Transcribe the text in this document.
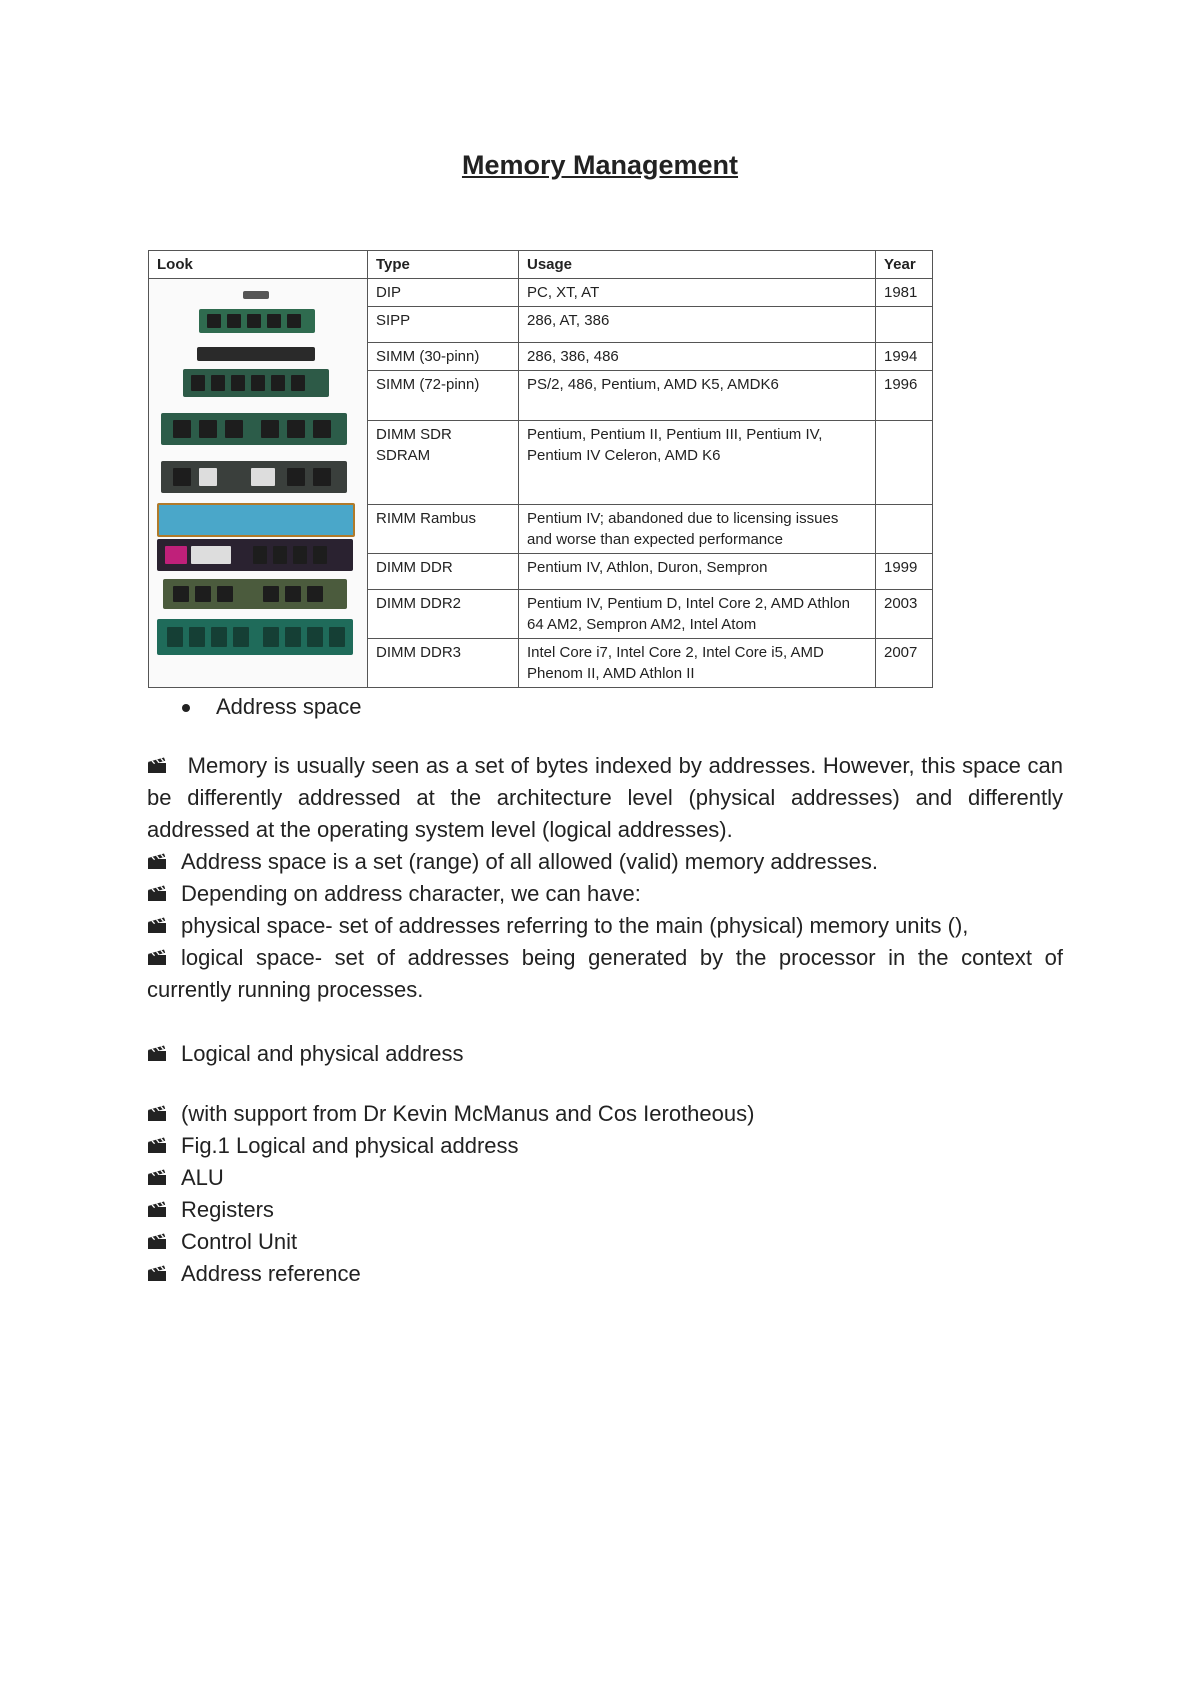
Memory Management
Look	Type	Usage	Year

	DIP	PC, XT, AT	1981
	SIPP	286, AT, 386	
	SIMM (30-pinn)	286, 386, 486	1994
	SIMM (72-pinn)	PS/2, 486, Pentium, AMD K5, AMDK6	1996
	DIMM SDR SDRAM	Pentium, Pentium II, Pentium III, Pentium IV, Pentium IV Celeron, AMD K6	
	RIMM Rambus	Pentium IV; abandoned due to licensing issues and worse than expected performance	
	DIMM DDR	Pentium IV, Athlon, Duron, Sempron	1999
	DIMM DDR2	Pentium IV, Pentium D, Intel Core 2, AMD Athlon 64 AM2, Sempron AM2, Intel Atom	2003
	DIMM DDR3	Intel Core i7, Intel Core 2, Intel Core i5, AMD Phenom II, AMD Athlon II	2007
Address space

Memory is usually seen as a set of bytes indexed by addresses. However, this space can be differently addressed at the architecture level (physical addresses) and differently addressed at the operating system level (logical addresses).

Address space is a set (range) of all allowed (valid) memory addresses.

Depending on address character, we can have:

physical space- set of addresses referring to the main (physical) memory units (),

logical space- set of addresses being generated by the processor in the context of currently running processes.

Logical and physical address

(with support from Dr Kevin McManus and Cos Ierotheous)

Fig.1 Logical and physical address

ALU

Registers

Control Unit

Address reference
